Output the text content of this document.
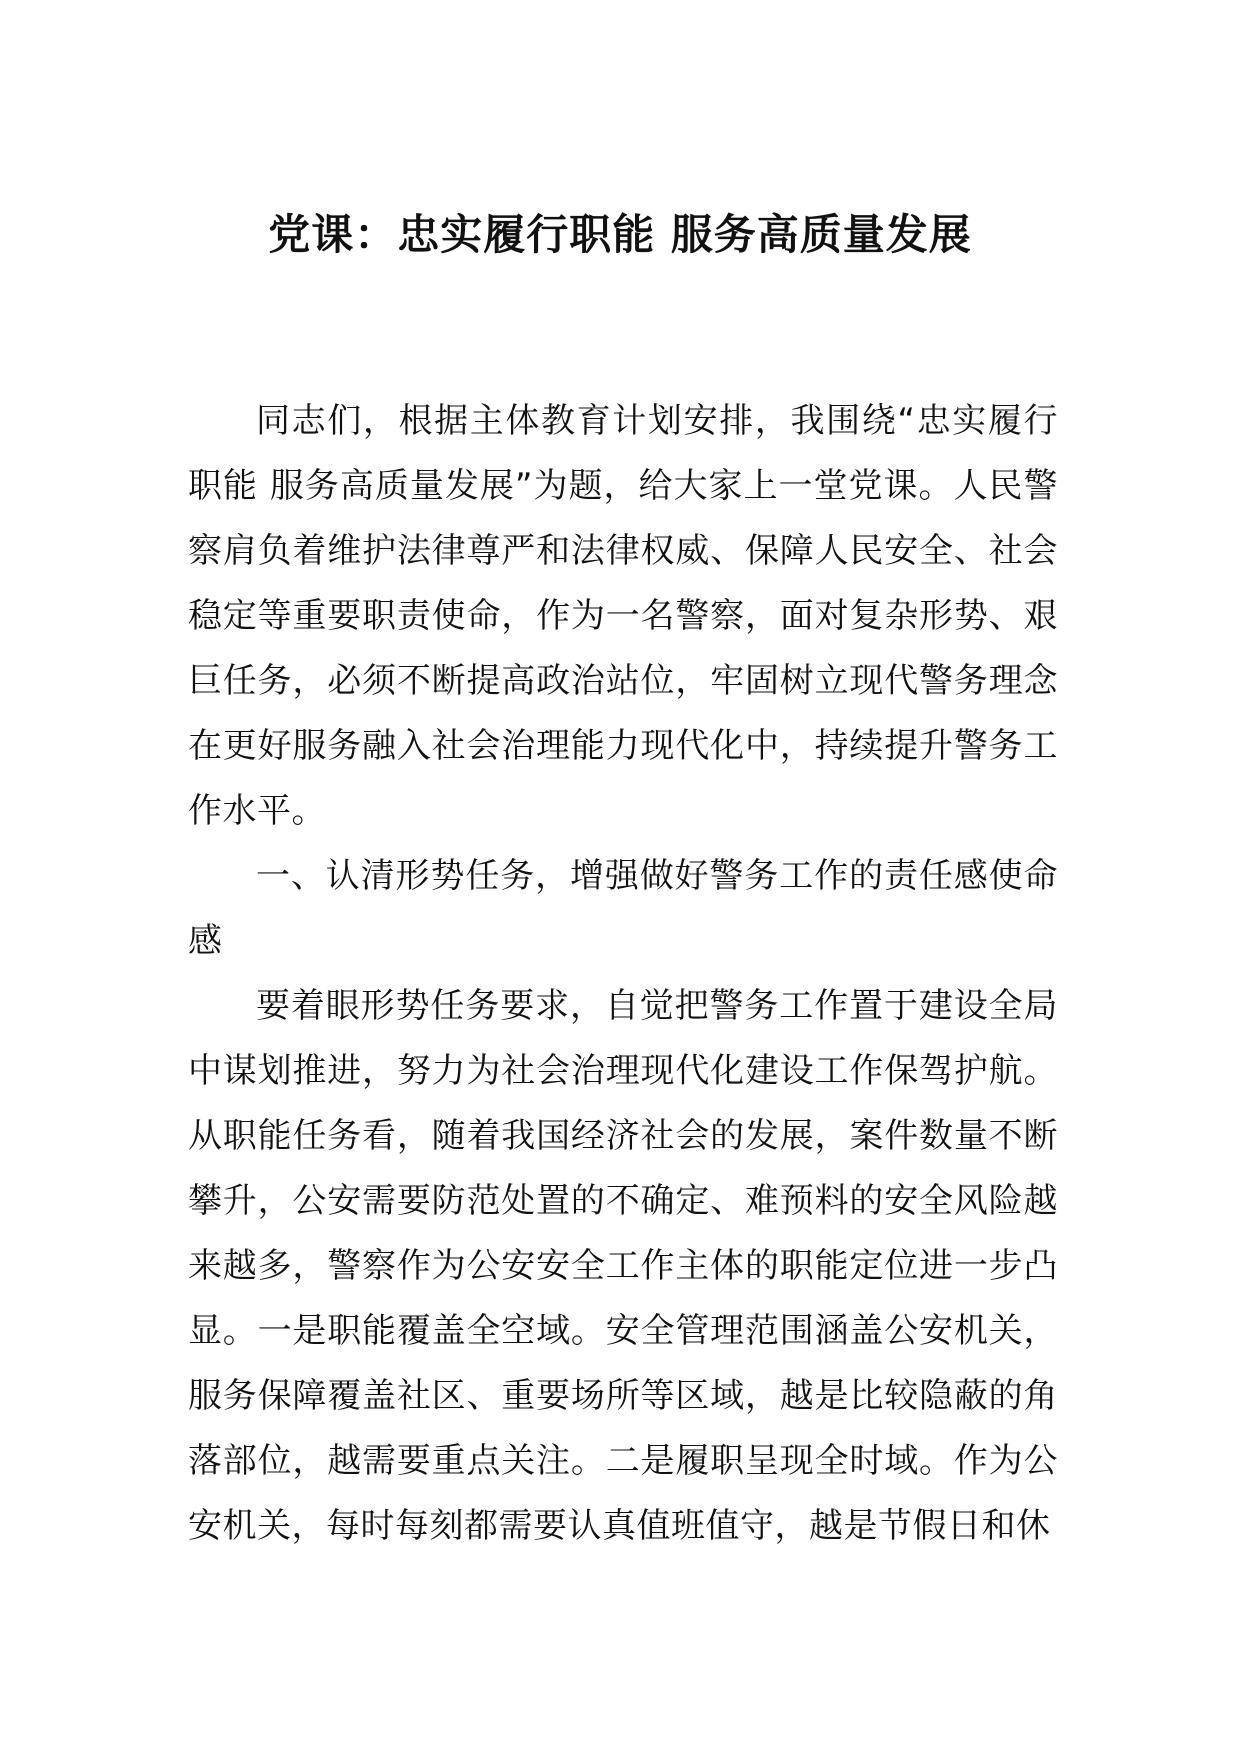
党课：忠实履行职能 服务高质量发展

同志们，根据主体教育计划安排，我围绕“忠实履行职能 服务高质量发展”为题，给大家上一堂党课。人民警察肩负着维护法律尊严和法律权威、保障人民安全、社会稳定等重要职责使命，作为一名警察，面对复杂形势、艰巨任务，必须不断提高政治站位，牢固树立现代警务理念在更好服务融入社会治理能力现代化中，持续提升警务工作水平。

一、认清形势任务，增强做好警务工作的责任感使命感

要着眼形势任务要求，自觉把警务工作置于建设全局中谋划推进，努力为社会治理现代化建设工作保驾护航。从职能任务看，随着我国经济社会的发展，案件数量不断攀升，公安需要防范处置的不确定、难预料的安全风险越来越多，警察作为公安安全工作主体的职能定位进一步凸显。一是职能覆盖全空域。安全管理范围涵盖公安机关，服务保障覆盖社区、重要场所等区域，越是比较隐蔽的角落部位，越需要重点关注。二是履职呈现全时域。作为公安机关，每时每刻都需要认真值班值守，越是节假日和休
